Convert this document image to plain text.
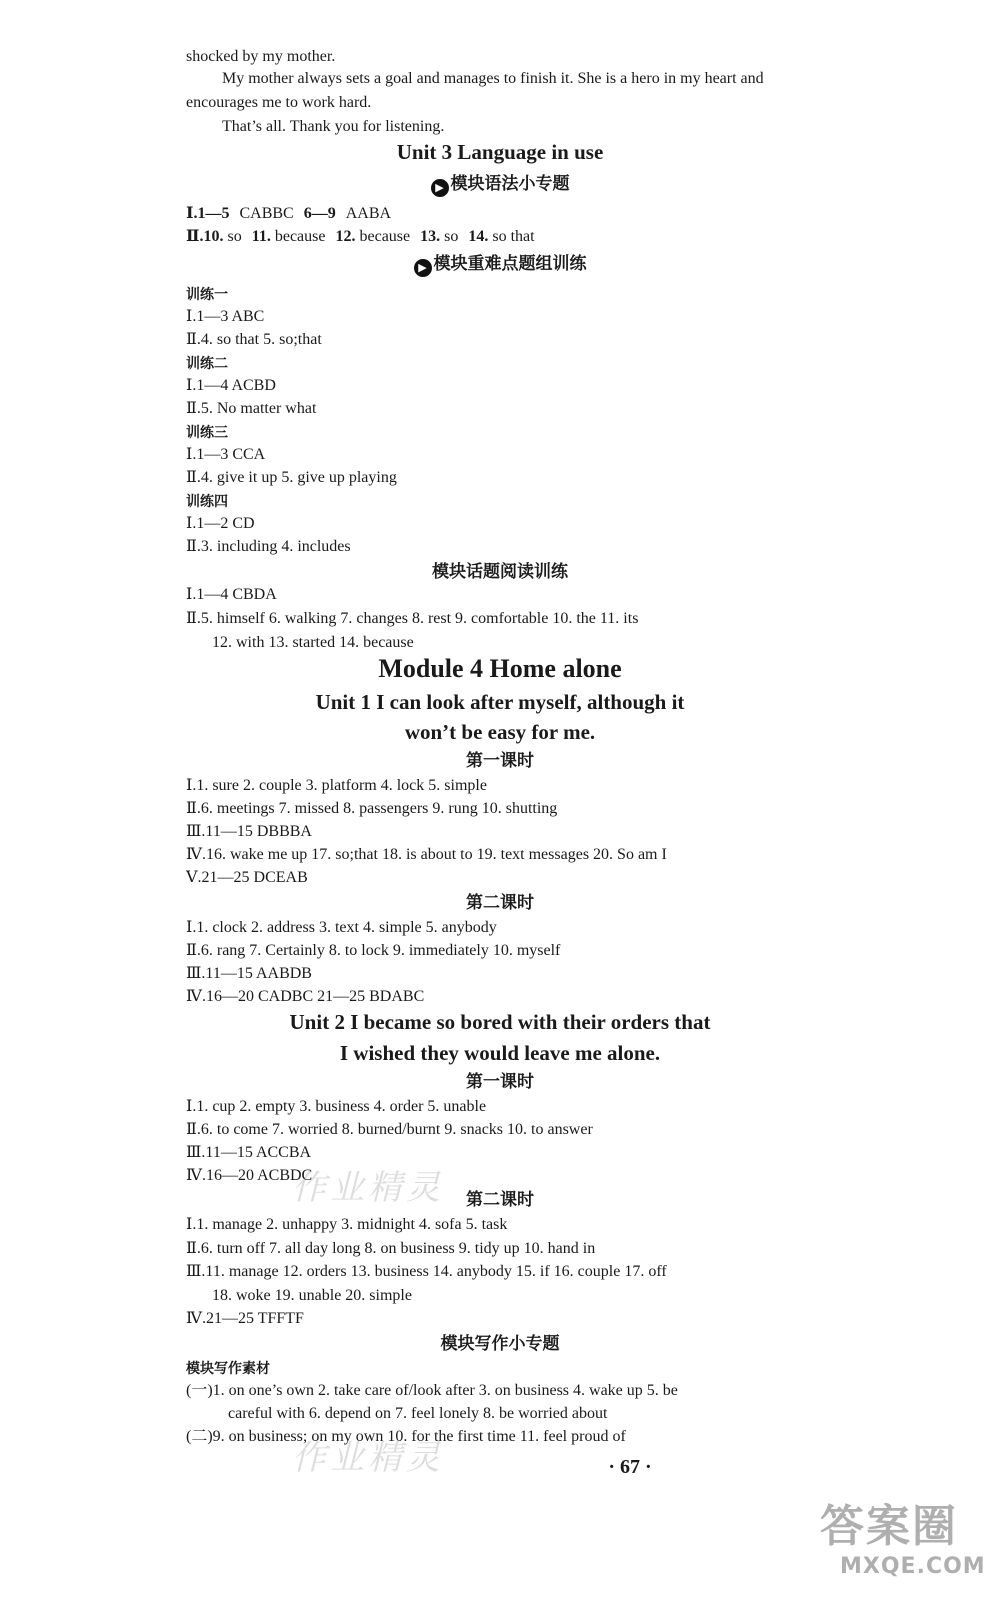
shocked by my mother.
My mother always sets a goal and manages to finish it. She is a hero in my heart and
encourages me to work hard.
That’s all. Thank you for listening.
Unit 3 Language in use
▶ 模块语法小专题
Ⅰ.1—5 CABBC 6—9 AABA
Ⅱ.10. so 11. because 12. because 13. so 14. so that
▶ 模块重难点题组训练
训练一
Ⅰ.1—3 ABC
Ⅱ.4. so that 5. so;that
训练二
Ⅰ.1—4 ACBD
Ⅱ.5. No matter what
训练三
Ⅰ.1—3 CCA
Ⅱ.4. give it up 5. give up playing
训练四
Ⅰ.1—2 CD
Ⅱ.3. including 4. includes
模块话题阅读训练
Ⅰ.1—4 CBDA
Ⅱ.5. himself 6. walking 7. changes 8. rest 9. comfortable 10. the 11. its
12. with 13. started 14. because
Module 4 Home alone
Unit 1 I can look after myself, although it
won’t be easy for me.
第一课时
Ⅰ.1. sure 2. couple 3. platform 4. lock 5. simple
Ⅱ.6. meetings 7. missed 8. passengers 9. rung 10. shutting
Ⅲ.11—15 DBBBA
Ⅳ.16. wake me up 17. so;that 18. is about to 19. text messages 20. So am I
Ⅴ.21—25 DCEAB
第二课时
Ⅰ.1. clock 2. address 3. text 4. simple 5. anybody
Ⅱ.6. rang 7. Certainly 8. to lock 9. immediately 10. myself
Ⅲ.11—15 AABDB
Ⅳ.16—20 CADBC 21—25 BDABC
Unit 2 I became so bored with their orders that
I wished they would leave me alone.
第一课时
Ⅰ.1. cup 2. empty 3. business 4. order 5. unable
Ⅱ.6. to come 7. worried 8. burned/burnt 9. snacks 10. to answer
Ⅲ.11—15 ACCBA
Ⅳ.16—20 ACBDC
第二课时
Ⅰ.1. manage 2. unhappy 3. midnight 4. sofa 5. task
Ⅱ.6. turn off 7. all day long 8. on business 9. tidy up 10. hand in
Ⅲ.11. manage 12. orders 13. business 14. anybody 15. if 16. couple 17. off
18. woke 19. unable 20. simple
Ⅳ.21—25 TFFTF
模块写作小专题
模块写作素材
(一)1. on one’s own 2. take care of/look after 3. on business 4. wake up 5. be
careful with 6. depend on 7. feel lonely 8. be worried about
(二)9. on business; on my own 10. for the first time 11. feel proud of
· 67 ·
作业精灵
作业精灵
答案圈
MXQE.COM
